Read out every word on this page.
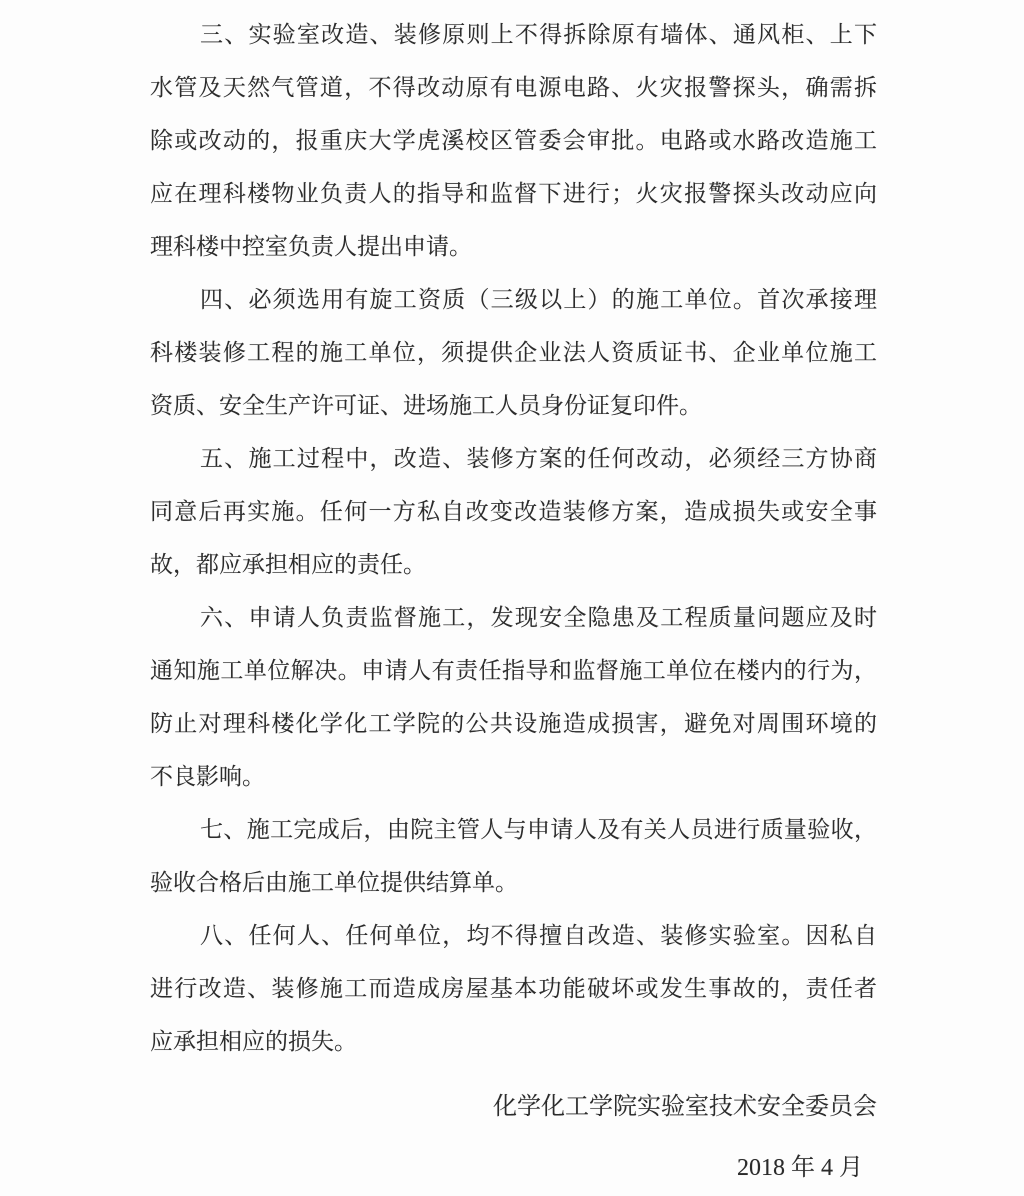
三、实验室改造、装修原则上不得拆除原有墙体、通风柜、上下
水管及天然气管道，不得改动原有电源电路、火灾报警探头，确需拆
除或改动的，报重庆大学虎溪校区管委会审批。电路或水路改造施工
应在理科楼物业负责人的指导和监督下进行；火灾报警探头改动应向
理科楼中控室负责人提出申请。
四、必须选用有旋工资质（三级以上）的施工单位。首次承接理
科楼装修工程的施工单位，须提供企业法人资质证书、企业单位施工
资质、安全生产许可证、进场施工人员身份证复印件。
五、施工过程中，改造、装修方案的任何改动，必须经三方协商
同意后再实施。任何一方私自改变改造装修方案，造成损失或安全事
故，都应承担相应的责任。
六、申请人负责监督施工，发现安全隐患及工程质量问题应及时
通知施工单位解决。申请人有责任指导和监督施工单位在楼内的行为，
防止对理科楼化学化工学院的公共设施造成损害，避免对周围环境的
不良影响。
七、施工完成后，由院主管人与申请人及有关人员进行质量验收，
验收合格后由施工单位提供结算单。
八、任何人、任何单位，均不得擅自改造、装修实验室。因私自
进行改造、装修施工而造成房屋基本功能破坏或发生事故的，责任者
应承担相应的损失。
化学化工学院实验室技术安全委员会
2018 年 4 月
